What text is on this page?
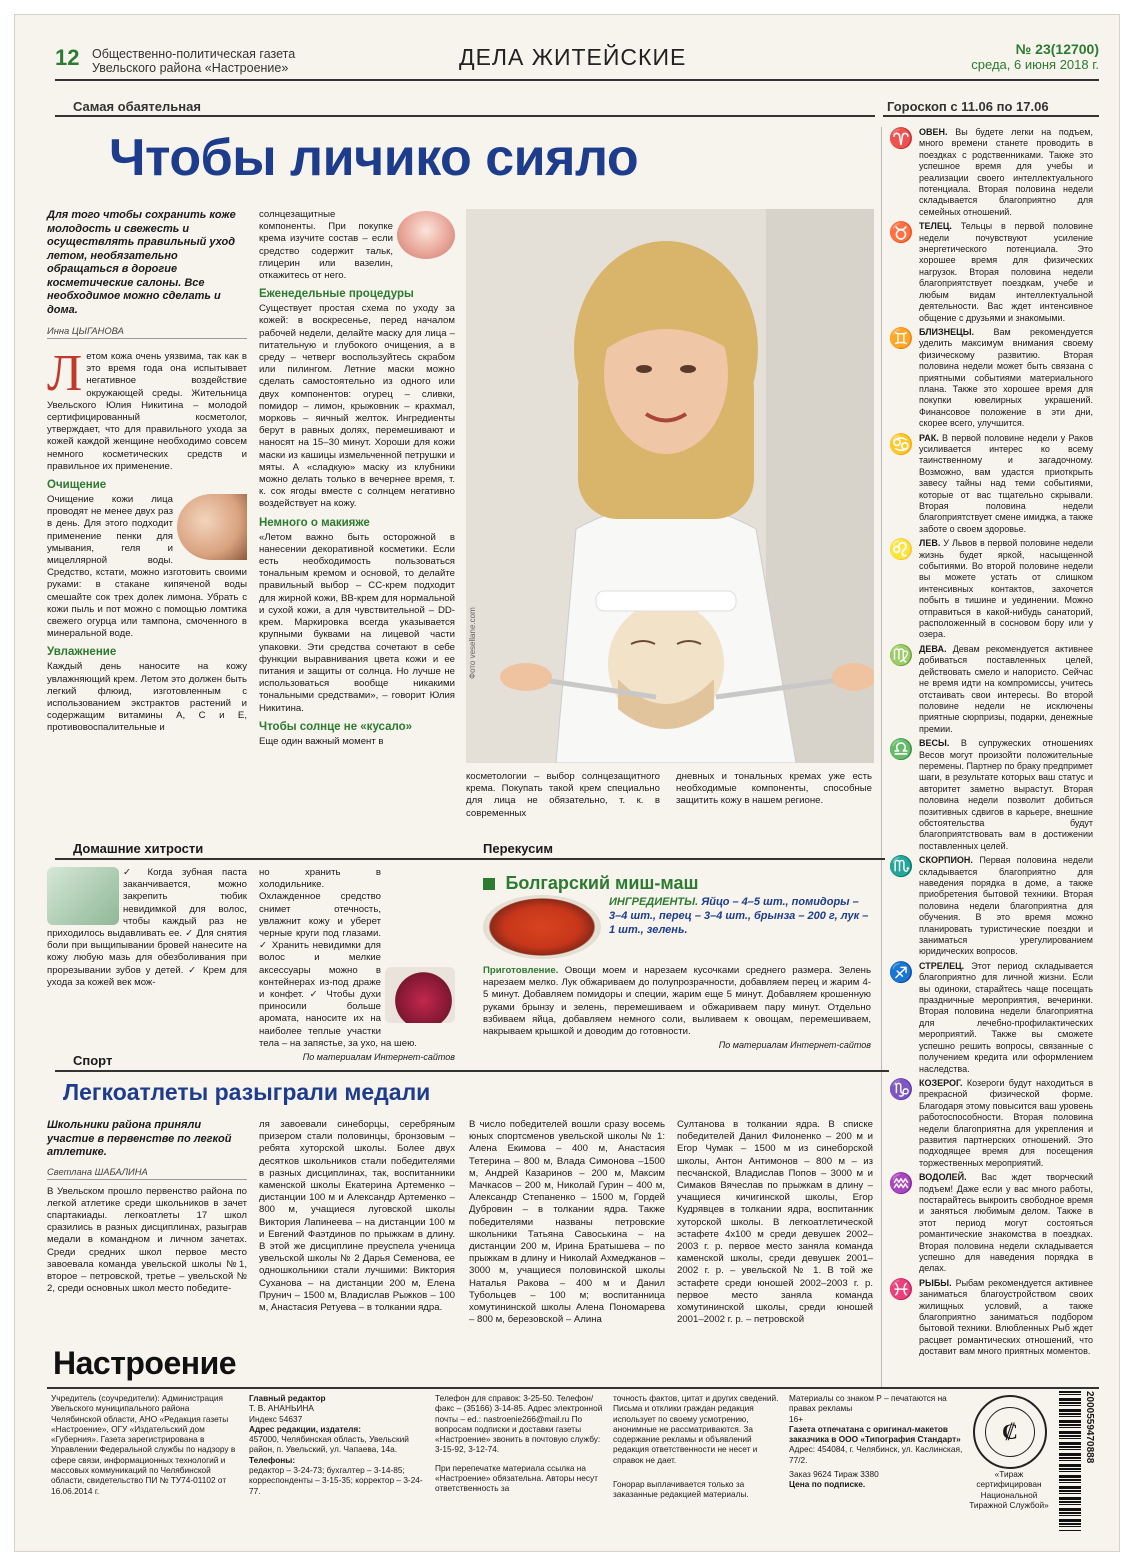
12 Общественно-политическая газета
Увельского района «Настроение»	ДЕЛА ЖИТЕЙСКИЕ	№ 23(12700)
среда, 6 июня 2018 г.
Самая обаятельная
Чтобы личико сияло

Для того чтобы сохранить коже молодость и свежесть и осуществлять правильный уход летом, необязательно обращаться в дорогие косметические салоны. Все необходимое можно сделать и дома.

Инна ЦЫГАНОВА
Л етом кожа очень уязвима, так как в это время года она испытывает негативное воздействие окружающей среды. Жительница Увельского Юлия Никитина – молодой сертифицированный косметолог, утверждает, что для правильного ухода за кожей каждой женщине необходимо совсем немного косметических средств и правильное их применение.

Очищение

Очищение кожи лица проводят не менее двух раз в день. Для этого подходит применение пенки для умывания, геля и мицеллярной воды. Средство, кстати, можно изготовить своими руками: в стакане кипяченой воды смешайте сок трех долек лимона. Убрать с кожи пыль и пот можно с помощью ломтика свежего огурца или тампона, смоченного в минеральной воде.

Увлажнение

Каждый день наносите на кожу увлажняющий крем. Летом это должен быть легкий флюид, изготовленным с использованием экстрактов растений и содержащим витамины А, С и Е, противовоспалительные и

солнцезащитные компоненты. При покупке крема изучите состав – если средство содержит тальк, глицерин или вазелин, откажитесь от него.

Еженедельные процедуры

Существует простая схема по уходу за кожей: в воскресенье, перед началом рабочей недели, делайте маску для лица – питательную и глубокого очищения, а в среду – четверг воспользуйтесь скрабом или пилингом. Летние маски можно сделать самостоятельно из одного или двух компонентов: огурец – сливки, помидор – лимон, крыжовник – крахмал, морковь – яичный желток. Ингредиенты берут в равных долях, перемешивают и наносят на 15–30 минут. Хороши для кожи маски из кашицы измельченной петрушки и мяты. А «сладкую» маску из клубники можно делать только в вечернее время, т. к. сок ягоды вместе с солнцем негативно воздействует на кожу.

Немного о макияже

«Летом важно быть осторожной в нанесении декоративной косметики. Если есть необходимость пользоваться тональным кремом и основой, то делайте правильный выбор – СС-крем подходит для жирной кожи, ВВ-крем для нормальной и сухой кожи, а для чувствительной – DD-крем. Маркировка всегда указывается крупными буквами на лицевой части упаковки. Эти средства сочетают в себе функции выравнивания цвета кожи и ее питания и защиты от солнца. Но лучше не использоваться вообще никакими тональными средствами», – говорит Юлия Никитина.

Чтобы солнце не «кусало»

Еще один важный момент в

Фото vesellane.com

косметологии – выбор солнцезащитного крема. Покупать такой крем специально для лица не обязательно, т. к. в современных

дневных и тональных кремах уже есть необходимые компоненты, способные защитить кожу в нашем регионе.

Гороскоп с 11.06 по 17.06
♈ ОВЕН. Вы будете легки на подъем, много времени станете проводить в поездках с родственниками. Также это успешное время для учебы и реализации своего интеллектуального потенциала. Вторая половина недели складывается благоприятно для семейных отношений.
♉ ТЕЛЕЦ. Тельцы в первой половине недели почувствуют усиление энергетического потенциала. Это хорошее время для физических нагрузок. Вторая половина недели благоприятствует поездкам, учебе и любым видам интеллектуальной деятельности. Вас ждет интенсивное общение с друзьями и знакомыми.
♊ БЛИЗНЕЦЫ. Вам рекомендуется уделить максимум внимания своему физическому развитию. Вторая половина недели может быть связана с приятными событиями материального плана. Также это хорошее время для покупки ювелирных украшений. Финансовое положение в эти дни, скорее всего, улучшится.
♋ РАК. В первой половине недели у Раков усиливается интерес ко всему таинственному и загадочному. Возможно, вам удастся приоткрыть завесу тайны над теми событиями, которые от вас тщательно скрывали. Вторая половина недели благоприятствует смене имиджа, а также заботе о своем здоровье.
♌ ЛЕВ. У Львов в первой половине недели жизнь будет яркой, насыщенной событиями. Во второй половине недели вы можете устать от слишком интенсивных контактов, захочется побыть в тишине и уединении. Можно отправиться в какой-нибудь санаторий, расположенный в сосновом бору или у озера.
♍ ДЕВА. Девам рекомендуется активнее добиваться поставленных целей, действовать смело и напористо. Сейчас не время идти на компромиссы, учитесь отстаивать свои интересы. Во второй половине недели не исключены приятные сюрпризы, подарки, денежные премии.
♎ ВЕСЫ. В супружеских отношениях Весов могут произойти положительные перемены. Партнер по браку предпримет шаги, в результате которых ваш статус и авторитет заметно вырастут. Вторая половина недели позволит добиться позитивных сдвигов в карьере, внешние обстоятельства будут благоприятствовать вам в достижении поставленных целей.
♏ СКОРПИОН. Первая половина недели складывается благоприятно для наведения порядка в доме, а также приобретения бытовой техники. Вторая половина недели благоприятна для обучения. В это время можно планировать туристические поездки и заниматься урегулированием юридических вопросов.
♐ СТРЕЛЕЦ. Этот период складывается благоприятно для личной жизни. Если вы одиноки, старайтесь чаще посещать праздничные мероприятия, вечеринки. Вторая половина недели благоприятна для лечебно-профилактических мероприятий. Также вы сможете успешно решить вопросы, связанные с получением кредита или оформлением наследства.
♑ КОЗЕРОГ. Козероги будут находиться в прекрасной физической форме. Благодаря этому повысится ваш уровень работоспособности. Вторая половина недели благоприятна для укрепления и развития партнерских отношений. Это подходящее время для посещения торжественных мероприятий.
♒ ВОДОЛЕЙ. Вас ждет творческий подъем! Даже если у вас много работы, постарайтесь выкроить свободное время и заняться любимым делом. Также в этот период могут состояться романтические знакомства в поездках. Вторая половина недели складывается успешно для наведения порядка в делах.
♓ РЫБЫ. Рыбам рекомендуется активнее заниматься благоустройством своих жилищных условий, а также благоприятно заниматься подбором бытовой техники. Влюбленных Рыб ждет расцвет романтических отношений, что доставит вам много приятных моментов.
Домашние хитрости

✓ Когда зубная паста заканчивается, можно закрепить тюбик невидимкой для волос, чтобы каждый раз не приходилось выдавливать ее. ✓ Для снятия боли при выщипывании бровей нанесите на кожу любую мазь для обезболивания при прорезывании зубов у детей. ✓ Крем для ухода за кожей век мож-

но хранить в холодильнике. Охлажденное средство снимет отечность, увлажнит кожу и уберет черные круги под глазами. ✓ Хранить невидимки для волос и мелкие аксессуары можно в контейнерах из-под драже и конфет. ✓ Чтобы духи приносили больше аромата, наносите их на наиболее теплые участки тела – на запястье, за ухо, на шею.

По материалам Интернет-сайтов
Перекусим
Болгарский миш-маш
ИНГРЕДИЕНТЫ. Яйцо – 4–5 шт., помидоры – 3–4 шт., перец – 3–4 шт., брынза – 200 г, лук – 1 шт., зелень.

Приготовление. Овощи моем и нарезаем кусочками среднего размера. Зелень нарезаем мелко. Лук обжариваем до полупрозрачности, добавляем перец и жарим 4-5 минут. Добавляем помидоры и специи, жарим еще 5 минут. Добавляем крошенную руками брынзу и зелень, перемешиваем и обжариваем пару минут. Отдельно взбиваем яйца, добавляем немного соли, выливаем к овощам, перемешиваем, накрываем крышкой и доводим до готовности.

По материалам Интернет-сайтов
Спорт
Легкоатлеты разыграли медали

Школьники района приняли участие в первенстве по легкой атлетике.

Светлана ШАБАЛИНА

В Увельском прошло первенство района по легкой атлетике среди школьников в зачет спартакиады. легкоатлеты 17 школ сразились в разных дисциплинах, разыграв медали в командном и личном зачетах. Среди средних школ первое место завоевала команда увельской школы №1, второе – петровской, третье – увельской № 2, среди основных школ место победите-

ля завоевали синеборцы, серебряным призером стали половинцы, бронзовым – ребята хуторской школы. Более двух десятков школьников стали победителями в разных дисциплинах, так, воспитанники каменской школы Екатерина Артеменко – дистанции 100 м и Александр Артеменко – 800 м, учащиеся луговской школы Виктория Лапинеева – на дистанции 100 м и Евгений Фаэтдинов по прыжкам в длину. В этой же дисциплине преуспела ученица увельской школы № 2 Дарья Семенова, ее одношкольники стали лучшими: Виктория Суханова – на дистанции 200 м, Елена Прунич – 1500 м, Владислав Рыжков – 100 м, Анастасия Ретуева – в толкании ядра.

В число победителей вошли сразу восемь юных спортсменов увельской школы № 1: Алена Екимова – 400 м, Анастасия Тетерина – 800 м, Влада Симонова –1500 м, Андрей Казаринов – 200 м, Максим Мачкасов – 200 м, Николай Гурин – 400 м, Александр Степаненко – 1500 м, Гордей Дубровин – в толкании ядра. Также победителями названы петровские школьники Татьяна Савоськина – на дистанции 200 м, Ирина Братышева – по прыжкам в длину и Николай Ахмеджанов – 3000 м, учащиеся половинской школы Наталья Ракова – 400 м и Данил Тубольцев – 100 м; воспитанница хомутининской школы Алена Пономарева – 800 м, березовской – Алина

Султанова в толкании ядра. В списке победителей Данил Филоненко – 200 м и Егор Чумак – 1500 м из синеборской школы, Антон Антимонов – 800 м – из песчанской, Владислав Попов – 3000 м и Симаков Вячеслав по прыжкам в длину – учащиеся кичигинской школы, Егор Кудрявцев в толкании ядра, воспитанник хуторской школы. В легкоатлетической эстафете 4х100 м среди девушек 2002–2003 г. р. первое место заняла команда каменской школы, среди девушек 2001–2002 г. р. – увельской № 1. В той же эстафете среди юношей 2002–2003 г. р. первое место заняла команда хомутининской школы, среди юношей 2001–2002 г. р. – петровской

Настроение
Учредитель (соучредители): Администрация Увельского муниципального района Челябинской области, АНО «Редакция газеты «Настроение», ОГУ «Издательский дом «Губерния». Газета зарегистрирована в Управлении Федеральной службы по надзору в сфере связи, информационных технологий и массовых коммуникаций по Челябинской области, свидетельство ПИ № ТУ74-01102 от 16.06.2014 г.
Главный редактор
Т. В. АНАНЬИНА
Индекс 54637
Адрес редакции, издателя:
457000, Челябинская область, Увельский район, п. Увельский, ул. Чапаева, 14а.
Телефоны:
редактор – 3-24-73; бухгалтер – 3-14-85; корреспонденты – 3-15-35; корректор – 3-24-77.
Телефон для справок: 3-25-50. Телефон/факс – (35166) 3-14-85. Адрес электронной почты – ed.: nastroenie266@mail.ru По вопросам подписки и доставки газеты «Настроение» звонить в почтовую службу: 3-15-92, 3-12-74.
При перепечатке материала ссылка на «Настроение» обязательна. Авторы несут ответственность за
точность фактов, цитат и других сведений. Письма и отклики граждан редакция использует по своему усмотрению, анонимные не рассматриваются. За содержание рекламы и объявлений редакция ответственности не несет и справок не дает.
Гонорар выплачивается только за заказанные редакцией материалы.
Материалы со знаком Р – печатаются на правах рекламы
16+
Газета отпечатана с оригинал-макетов заказчика в ООО «Типография Стандарт»
Адрес: 454084, г. Челябинск, ул. Каслинская, 77/2.
Заказ 9624 Тираж 3380
Цена по подписке.
₡
«Тираж сертифицирован Национальной Тиражной Службой»
2000559470888
